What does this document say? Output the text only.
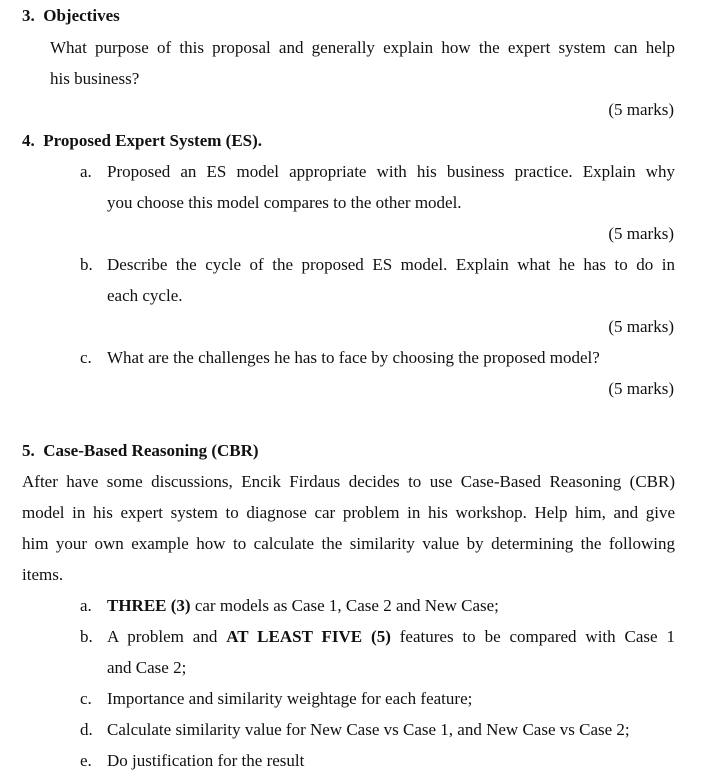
3. Objectives
What purpose of this proposal and generally explain how the expert system can help
his business?
(5 marks)
4. Proposed Expert System (ES).
a. Proposed an ES model appropriate with his business practice. Explain why
you choose this model compares to the other model.
(5 marks)
b. Describe the cycle of the proposed ES model. Explain what he has to do in
each cycle.
(5 marks)
c. What are the challenges he has to face by choosing the proposed model?
(5 marks)
5. Case-Based Reasoning (CBR)
After have some discussions, Encik Firdaus decides to use Case-Based Reasoning (CBR)
model in his expert system to diagnose car problem in his workshop. Help him, and give
him your own example how to calculate the similarity value by determining the following
items.
a. THREE (3) car models as Case 1, Case 2 and New Case;
b. A problem and AT LEAST FIVE (5) features to be compared with Case 1
and Case 2;
c. Importance and similarity weightage for each feature;
d. Calculate similarity value for New Case vs Case 1, and New Case vs Case 2;
e. Do justification for the result
